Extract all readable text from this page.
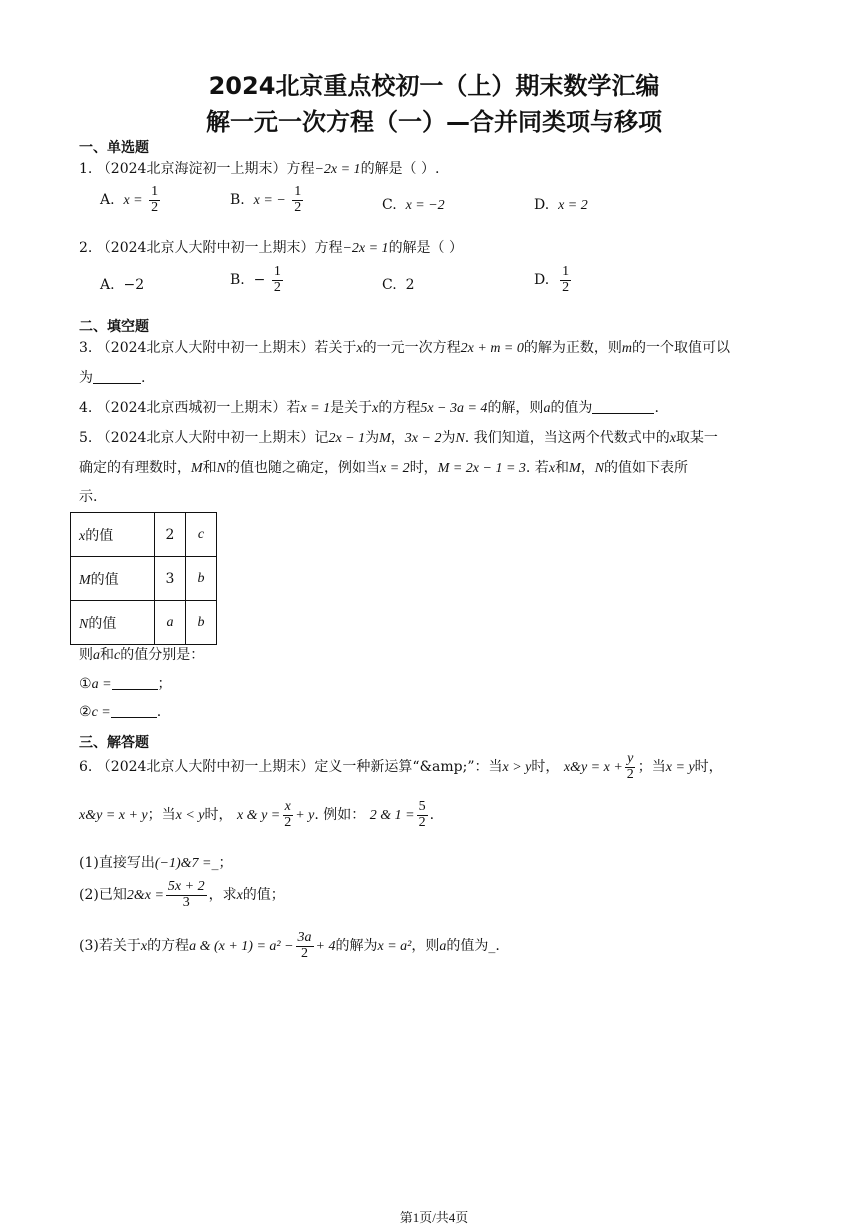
2024北京重点校初一（上）期末数学汇编
解一元一次方程（一）—合并同类项与移项
一、单选题
1. （2024北京海淀初一上期末）方程−2x = 1的解是（ ）.
A. $x = \frac{1}{2}$	B. x = − $\frac{1}{2}$	C. x = −2	D. x = 2
2. （2024北京人大附中初一上期末）方程−2x = 1的解是（ ）
A. −2	B. − $\frac{1}{2}$	C. 2	D. $\frac{1}{2}$
二、填空题
3. （2024北京人大附中初一上期末）若关于x的一元一次方程2x + m = 0的解为正数，则m的一个取值可以
为	.
4. （2024北京西城初一上期末）若x = 1是关于x的方程5x − 3a = 4的解，则a的值为	.
5. （2024北京人大附中初一上期末）记2x − 1为M，3x − 2为N. 我们知道，当这两个代数式中的x取某一
确定的有理数时，M和N的值也随之确定，例如当x = 2时，M = 2x − 1 = 3. 若x和M，N的值如下表所
示.
x的值	2	c
M的值	3	b
N的值	a	b
则a和c的值分别是：
①a =	；
②c =	.
三、解答题
6. （2024北京人大附中初一上期末）定义一种新运算“&amp;”：当x > y时， x&y = $x + \frac{y}{2}$ ；当x = y时，
x&y = x + y；当x < y时， x & $y = \frac{x}{2} + y$. 例如： 2 & $1 = \frac{5}{2}$ .
(1)直接写出(−1)&7 =_；
(2)已知2&x = $\frac{5x + 2}{3}$ ，求x的值；
(3)若关于x的方程a & $(x + 1) = a^2 - \frac{3a}{2} + 4$的解为x = a²，则a的值为_.
第1页/共4页
